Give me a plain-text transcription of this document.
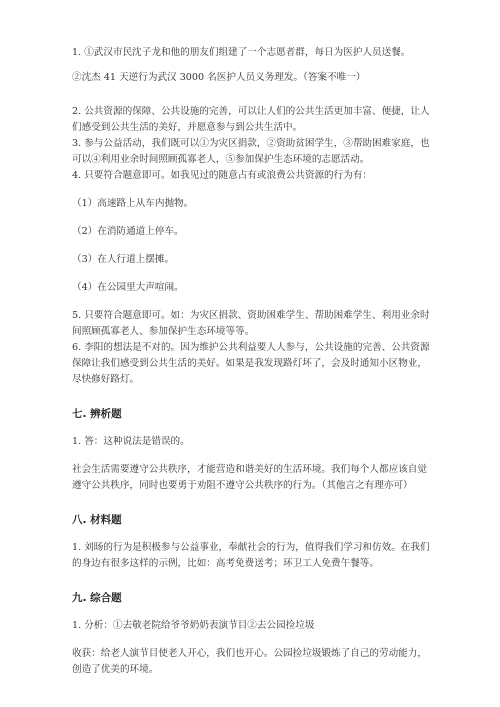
1. ①武汉市民沈子龙和他的朋友们组建了一个志愿者群，每日为医护人员送餐。

②沈杰 41 天逆行为武汉 3000 名医护人员义务理发。（答案不唯一）

2. 公共资源的保障、公共设施的完善，可以让人们的公共生活更加丰富、便捷，让人们感受到公共生活的美好，并愿意参与到公共生活中。

3. 参与公益活动，我们既可以①为灾区捐款，②资助贫困学生，③帮助困难家庭，也可以④利用业余时间照顾孤寡老人，⑤参加保护生态环境的志愿活动。

4. 只要符合题意即可。如我见过的随意占有或浪费公共资源的行为有：

（1）高速路上从车内抛物。

（2）在消防通道上停车。

（3）在人行道上摆摊。

（4）在公园里大声喧闹。

5. 只要符合题意即可。如：为灾区捐款、资助困难学生、帮助困难学生、利用业余时间照顾孤寡老人、参加保护生态环境等等。

6. 李阳的想法是不对的。因为维护公共利益要人人参与，公共设施的完善、公共资源保障让我们感受到公共生活的美好。如果是我发现路灯坏了，会及时通知小区物业，尽快修好路灯。

七. 辨析题

1. 答：这种说法是错误的。

社会生活需要遵守公共秩序，才能营造和谐美好的生活环境。我们每个人都应该自觉遵守公共秩序，同时也要勇于劝阻不遵守公共秩序的行为。（其他言之有理亦可）

八. 材料题

1. 刘旸的行为是积极参与公益事业，奉献社会的行为，值得我们学习和仿效。在我们的身边有很多这样的示例，比如：高考免费送考；环卫工人免费午餐等。

九. 综合题

1. 分析：①去敬老院给爷爷奶奶表演节目②去公园捡垃圾

收获：给老人演节目使老人开心，我们也开心。公园捡垃圾锻炼了自己的劳动能力，创造了优美的环境。
